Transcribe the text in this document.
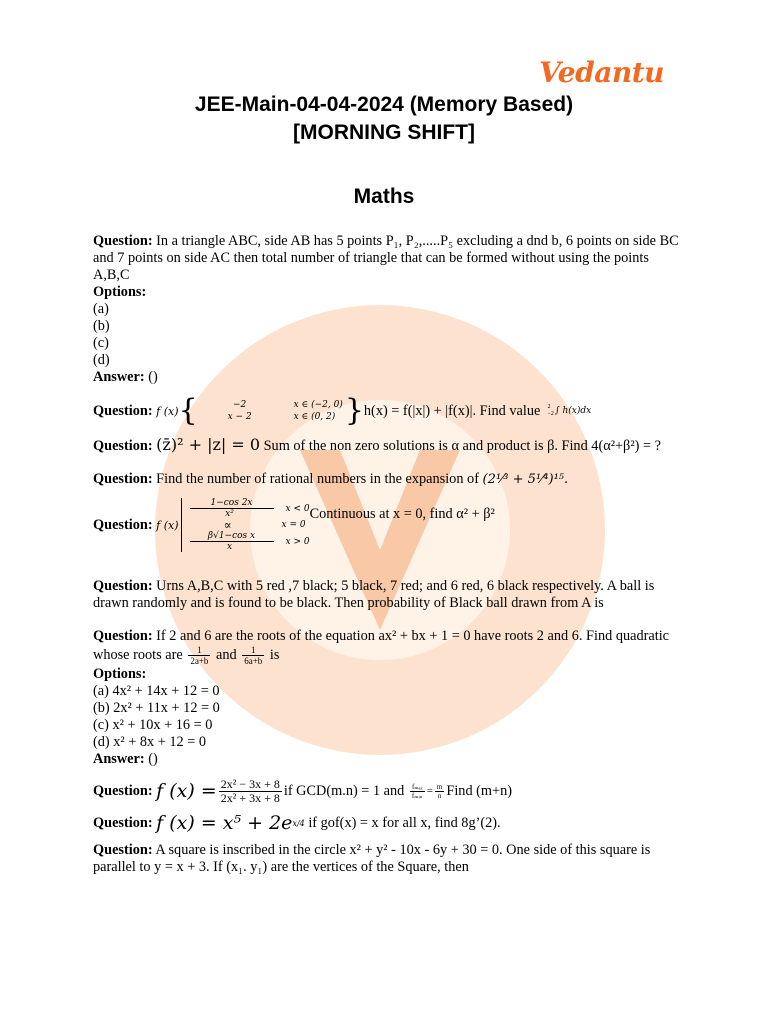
Vedantu
JEE-Main-04-04-2024 (Memory Based)
[MORNING SHIFT]
Maths

Question: In a triangle ABC, side AB has 5 points P₁, P₂,.....P₅ excluding a dnd b, 6 points on side BC and 7 points on side AC then total number of triangle that can be formed without using the points A,B,C

Options:
(a)
(b)
(c)
(d)
Answer: ()
Question:
f (x) {	−2	x ∈ (−2, 0)
x − 2	x ∈ (0, 2) } h(x) = f(|x|) + |f(x)|. Find value
2
−2 ∫ h(x)dx

Question: (z̄)² + |z| = 0 Sum of the non zero solutions is α and product is β. Find 4(α²+β²) = ?

Question: Find the number of rational numbers in the expansion of (2¹⁄³ + 5¹⁄⁴)¹⁵.

Question:
f (x)
$\frac{1-\cos 2x}{\text{x²}}$ x < 0
∝	x = 0
$\frac{\text{β√1−cos x}}{x}$ x > 0
Continuous at x = 0, find α² + β²

Question: Urns A,B,C with 5 red ,7 black; 5 black, 7 red; and 6 red, 6 black respectively. A ball is drawn randomly and is found to be black. Then probability of Black ball drawn from A is

Question: If 2 and 6 are the roots of the equation ax² + bx + 1 = 0 have roots 2 and 6. Find quadratic whose roots are $\frac{1}{2a+b}$ and $\frac{1}{6a+b}$ is

Options:
(a) 4x² + 14x + 12 = 0
(b) 2x² + 11x + 12 = 0
(c) x² + 10x + 16 = 0
(d) x² + 8x + 12 = 0
Answer: ()
Question:
f $(x) = \frac{\text{2x² − 3x + 8}}{\text{2x² + 3x + 8}}$ if GCD(m.n) = 1 and
$\frac{\text{fₘₐₓ}}{\text{fₘᵢₙ}} = \frac{m}{n}$ Find (m+n)
Question:
f (x) = x⁵ + 2e x/4
if gof(x) = x for all x, find 8g’(2).

Question: A square is inscribed in the circle x² + y² - 10x - 6y + 30 = 0. One side of this square is parallel to y = x + 3. If (x₁. y₁) are the vertices of the Square, then
